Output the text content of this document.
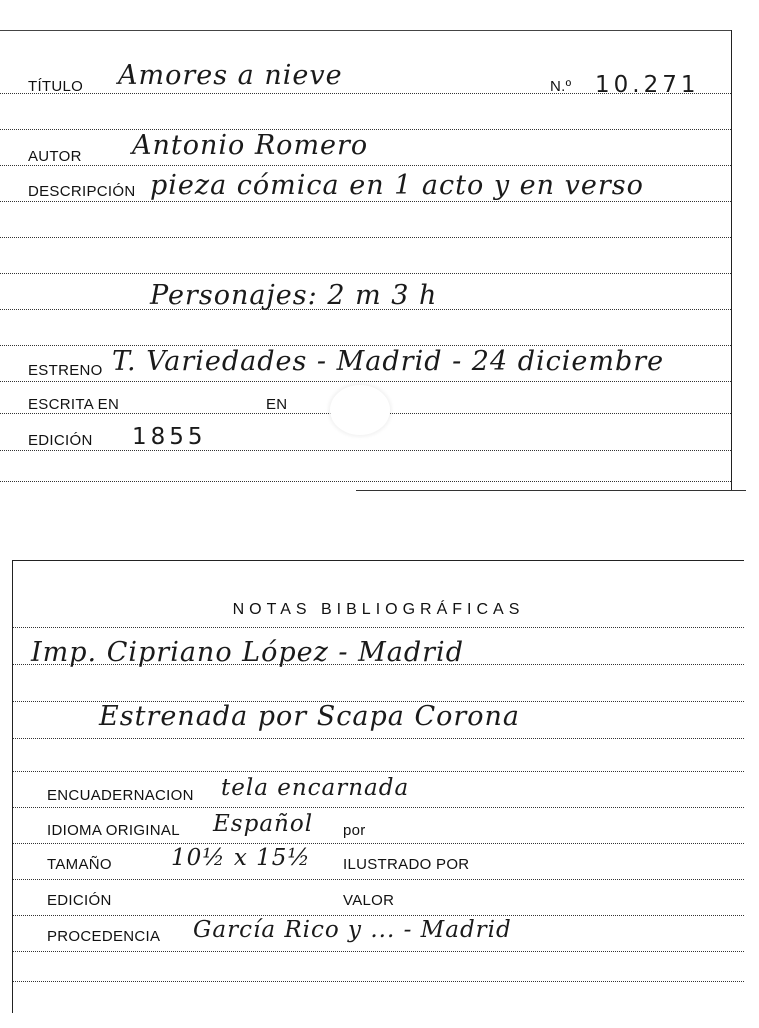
TÍTULO Amores a nieve	N.º 10.271
AUTOR Antonio Romero
DESCRIPCIÓN pieza cómica en 1 acto y en verso
Personajes: 2 m 3 h
ESTRENO T. Variedades - Madrid - 24 diciembre
ESCRITA EN	EN
EDICIÓN 1855
NOTAS BIBLIOGRÁFICAS
Imp. Cipriano López - Madrid
Estrenada por Scapa Corona
ENCUADERNACION tela encarnada
IDIOMA ORIGINAL Español por
TAMAÑO	10½ x 15½ ILUSTRADO POR
EDICIÓN	VALOR
PROCEDENCIA García Rico y ... - Madrid
